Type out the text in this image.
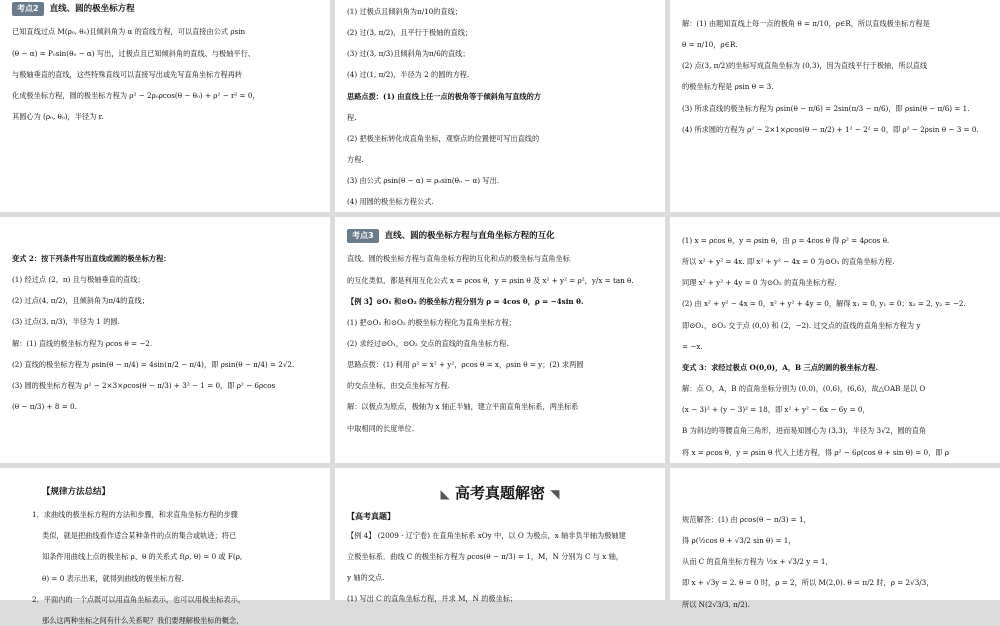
考点2 直线、圆的极坐标方程

已知直线过点 M(ρ₀, θ₀)且倾斜角为 α 的直线方程，可以直接由公式 ρsin

(θ − α) = P₀sin(θ₀ − α) 写出，过极点且已知倾斜角的直线、与极轴平行、

与极轴垂直的直线，这些特殊直线可以直接写出或先写直角坐标方程再转

化成极坐标方程，圆的极坐标方程为 ρ² − 2ρ₀ρcos(θ − θ₀) + ρ² − r² = 0，

其圆心为 (ρ₀, θ₀)，半径为 r.

(1) 过极点且倾斜角为π/10的直线；

(2) 过(3, π/2)，且平行于极轴的直线；

(3) 过(3, π/3)且倾斜角为π/6的直线；

(4) 过(1, π/2)，半径为 2 的圆的方程.

思路点拨：(1) 由直线上任一点的极角等于倾斜角写直线的方

程.

(2) 把极坐标转化成直角坐标，观察点的位置便可写出直线的

方程.

(3) 由公式 ρsin(θ − α) = ρ₀sin(θ₀ − α) 写出.

(4) 用圆的极坐标方程公式.

解：(1) 由题知直线上每一点的极角 θ = π/10，ρ∈R，所以直线极坐标方程是

θ = π/10，ρ∈R.

(2) 点(3, π/2)的坐标写成直角坐标为 (0,3)，因为直线平行于极轴，所以直线

的极坐标方程是 ρsin θ = 3.

(3) 所求直线的极坐标方程为 ρsin(θ − π/6) = 2sin(π/3 − π/6)，即 ρsin(θ − π/6) = 1.

(4) 所求圆的方程为 ρ² − 2×1×ρcos(θ − π/2) + 1² − 2² = 0，即 ρ² − 2ρsin θ − 3 = 0.

变式 2：按下列条件写出直线或圆的极坐标方程：

(1) 经过点 (2，π) 且与极轴垂直的直线；

(2) 过点(4, π/2)，且倾斜角为π/4的直线；

(3) 过点(3, π/3)，半径为 1 的圆.

解：(1) 直线的极坐标方程为 ρcos θ = −2.

(2) 直线的极坐标方程为 ρsin(θ − π/4) = 4sin(π/2 − π/4)，即 ρsin(θ − π/4) = 2√2.

(3) 圆的极坐标方程为 ρ² − 2×3×ρcos(θ − π/3) + 3² − 1 = 0，即 ρ² − 6ρcos

(θ − π/3) + 8 = 0.

考点3 直线、圆的极坐标方程与直角坐标方程的互化

直线、圆的极坐标方程与直角坐标方程的互化和点的极坐标与直角坐标

的互化类似，都是利用互化公式 x = ρcos θ，y = ρsin θ 及 x² + y² = ρ²，y/x = tan θ.

【例 3】⊙O₁ 和⊙O₂ 的极坐标方程分别为 ρ = 4cos θ，ρ = −4sin θ.

(1) 把⊙O₁ 和⊙O₂ 的极坐标方程化为直角坐标方程；

(2) 求经过⊙O₁，⊙O₂ 交点的直线的直角坐标方程.

思路点拨：(1) 利用 ρ² = x² + y²，ρcos θ = x，ρsin θ = y；(2) 求两圆

的交点坐标，由交点坐标写方程.

解：以极点为原点，极轴为 x 轴正半轴，建立平面直角坐标系，两坐标系

中取相同的长度单位.

(1) x = ρcos θ，y = ρsin θ，由 ρ = 4cos θ 得 ρ² = 4ρcos θ.

所以 x² + y² = 4x. 即 x² + y² − 4x = 0 为⊙O₁ 的直角坐标方程.

同理 x² + y² + 4y = 0 为⊙O₂ 的直角坐标方程.

(2) 由 x² + y² − 4x = 0，x² + y² + 4y = 0，解得 x₁ = 0, y₁ = 0；x₂ = 2, y₂ = −2.

即⊙O₁，⊙O₂ 交于点 (0,0) 和 (2，−2). 过交点的直线的直角坐标方程为 y

= −x.

变式 3：求经过极点 O(0,0)，A，B 三点的圆的极坐标方程.

解：点 O，A，B 的直角坐标分别为 (0,0)，(0,6)，(6,6)，故△OAB 是以 O

(x − 3)² + (y − 3)² = 18，即 x² + y² − 6x − 6y = 0，

B 为斜边的等腰直角三角形，进而易知圆心为 (3,3)，半径为 3√2，圆的直角

将 x = ρcos θ，y = ρsin θ 代入上述方程，得 ρ² − 6ρ(cos θ + sin θ) = 0，即 ρ

【规律方法总结】

1．求曲线的极坐标方程的方法和步骤，和求直角坐标方程的步骤

类似，就是把曲线看作适合某种条件的点的集合或轨迹；将已

知条件用曲线上点的极坐标 ρ、θ 的关系式 f(ρ, θ) = 0 或 F(ρ,

θ) = 0 表示出来，就得到曲线的极坐标方程.

2．平面内的一个点既可以用直角坐标表示，也可以用极坐标表示，

那么这两种坐标之间有什么关系呢？我们要理解极坐标的概念，

◣ 高考真题解密 ◥
【高考真题】

【例 4】 (2009 · 辽宁卷) 在直角坐标系 xOy 中，以 O 为极点，x 轴非负半轴为极轴建

立极坐标系．曲线 C 的极坐标方程为 ρcos(θ − π/3) = 1，M，N 分别为 C 与 x 轴，

y 轴的交点.

(1) 写出 C 的直角坐标方程，并求 M，N 的极坐标；

规范解答：(1) 由 ρcos(θ − π/3) = 1，

得 ρ(½cos θ + √3/2 sin θ) = 1，

从而 C 的直角坐标方程为 ½x + √3/2 y = 1，

即 x + √3y = 2. θ = 0 时，ρ = 2，所以 M(2,0). θ = π/2 时，ρ = 2√3/3，

所以 N(2√3/3, π/2).
